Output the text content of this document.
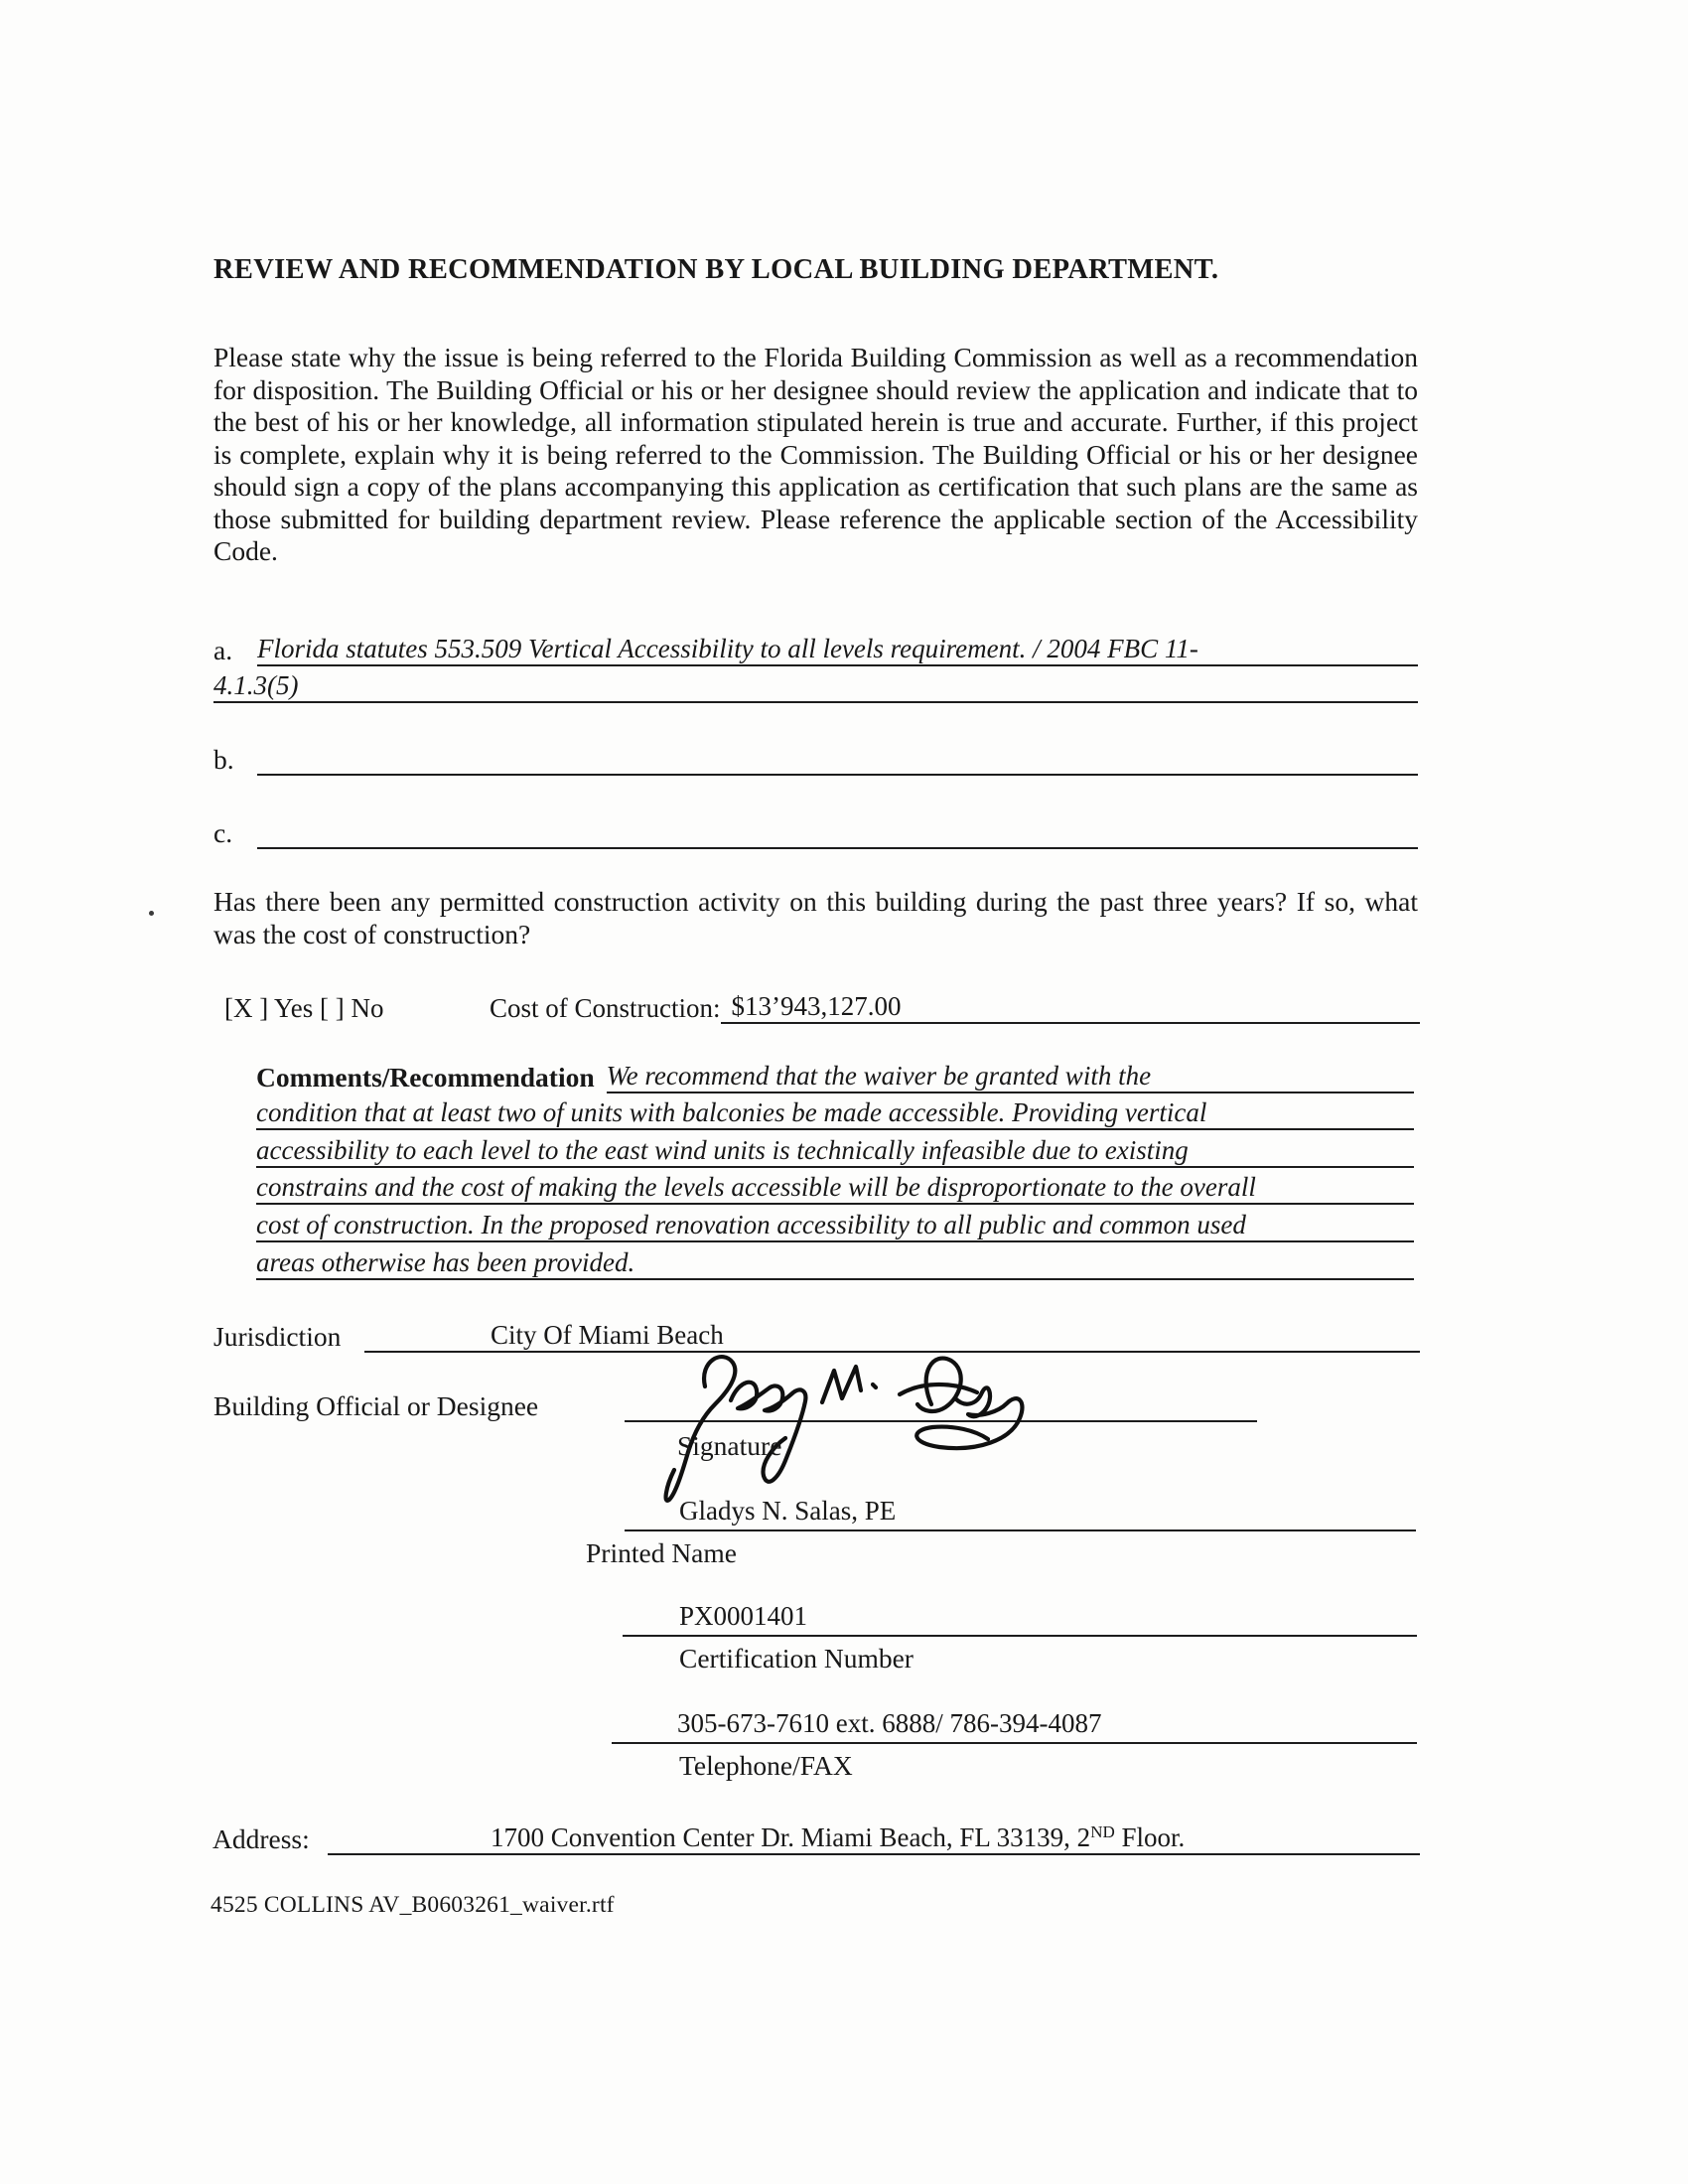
REVIEW AND RECOMMENDATION BY LOCAL BUILDING DEPARTMENT.

Please state why the issue is being referred to the Florida Building Commission as well as a recommendation for disposition. The Building Official or his or her designee should review the application and indicate that to the best of his or her knowledge, all information stipulated herein is true and accurate. Further, if this project is complete, explain why it is being referred to the Commission. The Building Official or his or her designee should sign a copy of the plans accompanying this application as certification that such plans are the same as those submitted for building department review. Please reference the applicable section of the Accessibility Code.

a. Florida statutes 553.509 Vertical Accessibility to all levels requirement. / 2004 FBC 11-
4.1.3(5)
b.
c.

Has there been any permitted construction activity on this building during the past three years? If so, what was the cost of construction?

[X ] Yes [ ] No	Cost of Construction: $13’943,127.00
Comments/Recommendation We recommend that the waiver be granted with the
condition that at least two of units with balconies be made accessible. Providing vertical
accessibility to each level to the east wind units is technically infeasible due to existing
constrains and the cost of making the levels accessible will be disproportionate to the overall
cost of construction. In the proposed renovation accessibility to all public and common used
areas otherwise has been provided.
Jurisdiction	City Of Miami Beach
Building Official or Designee
Signature
Gladys N. Salas, PE
Printed Name
PX0001401
Certification Number
305-673-7610 ext. 6888/ 786-394-4087
Telephone/FAX
Address:	1700 Convention Center Dr. Miami Beach, FL 33139, 2ND Floor.
4525 COLLINS AV_B0603261_waiver.rtf
